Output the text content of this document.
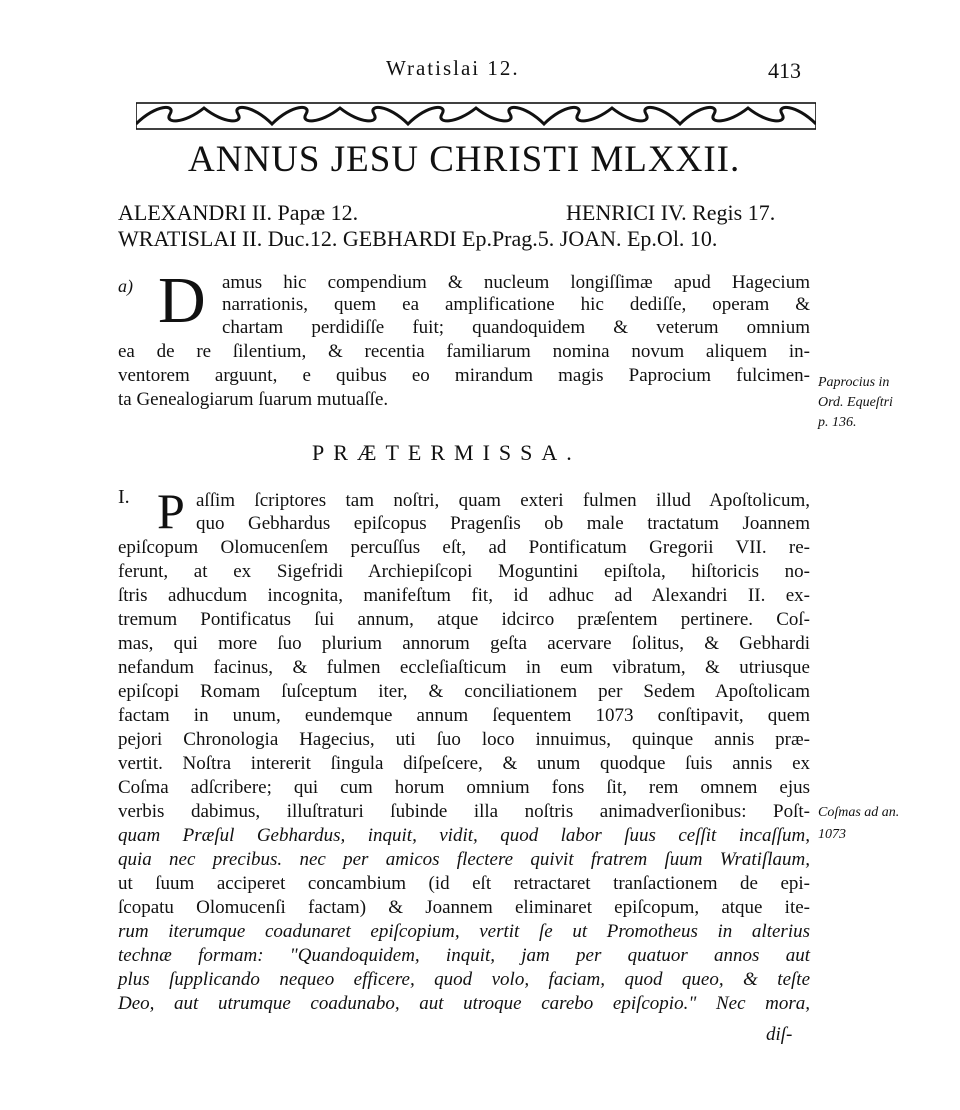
Wratislai 12.	413
ANNUS JESU CHRISTI MLXXII.
ALEXANDRI II. Papæ 12.	HENRICI IV. Regis 17.
WRATISLAI II. Duc.12. GEBHARDI Ep.Prag.5. JOAN. Ep.Ol. 10.
a) D amus hic compendium & nucleum longiſſimæ apud Hagecium
narrationis, quem ea amplificatione hic dediſſe, operam &
chartam perdidiſſe fuit; quandoquidem & veterum omnium
ea de re ſilentium, & recentia familiarum nomina novum aliquem in-
ventorem arguunt, e quibus eo mirandum magis Paprocium fulcimen-
ta Genealogiarum ſuarum mutuaſſe.
Paprocius in
Ord. Equeſtri
p. 136.
PRÆTERMISSA.
I. P aſſim ſcriptores tam noſtri, quam exteri fulmen illud Apoſtolicum,
quo Gebhardus epiſcopus Pragenſis ob male tractatum Joannem
epiſcopum Olomucenſem percuſſus eſt, ad Pontificatum Gregorii VII. re-
ferunt, at ex Sigefridi Archiepiſcopi Moguntini epiſtola, hiſtoricis no-
ſtris adhucdum incognita, manifeſtum fit, id adhuc ad Alexandri II. ex-
tremum Pontificatus ſui annum, atque idcirco præſentem pertinere. Coſ-
mas, qui more ſuo plurium annorum geſta acervare ſolitus, & Gebhardi
nefandum facinus, & fulmen eccleſiaſticum in eum vibratum, & utriusque
epiſcopi Romam ſuſceptum iter, & conciliationem per Sedem Apoſtolicam
factam in unum, eundemque annum ſequentem 1073 conſtipavit, quem
pejori Chronologia Hagecius, uti ſuo loco innuimus, quinque annis præ-
vertit. Noſtra intererit ſingula diſpeſcere, & unum quodque ſuis annis ex
Coſma adſcribere; qui cum horum omnium fons ſit, rem omnem ejus
verbis dabimus, illuſtraturi ſubinde illa noſtris animadverſionibus: Poſt-
quam Præſul Gebhardus, inquit, vidit, quod labor ſuus ceſſit incaſſum,
quia nec precibus. nec per amicos flectere quivit fratrem ſuum Wratiſlaum,
ut ſuum acciperet concambium (id eſt retractaret tranſactionem de epi-
ſcopatu Olomucenſi factam) & Joannem eliminaret epiſcopum, atque ite-
rum iterumque coadunaret epiſcopium, vertit ſe ut Promotheus in alterius
technæ formam: "Quandoquidem, inquit, jam per quatuor annos aut
plus ſupplicando nequeo efficere, quod volo, faciam, quod queo, & teſte
Deo, aut utrumque coadunabo, aut utroque carebo epiſcopio." Nec mora,
diſ-
Coſmas ad an.
1073
